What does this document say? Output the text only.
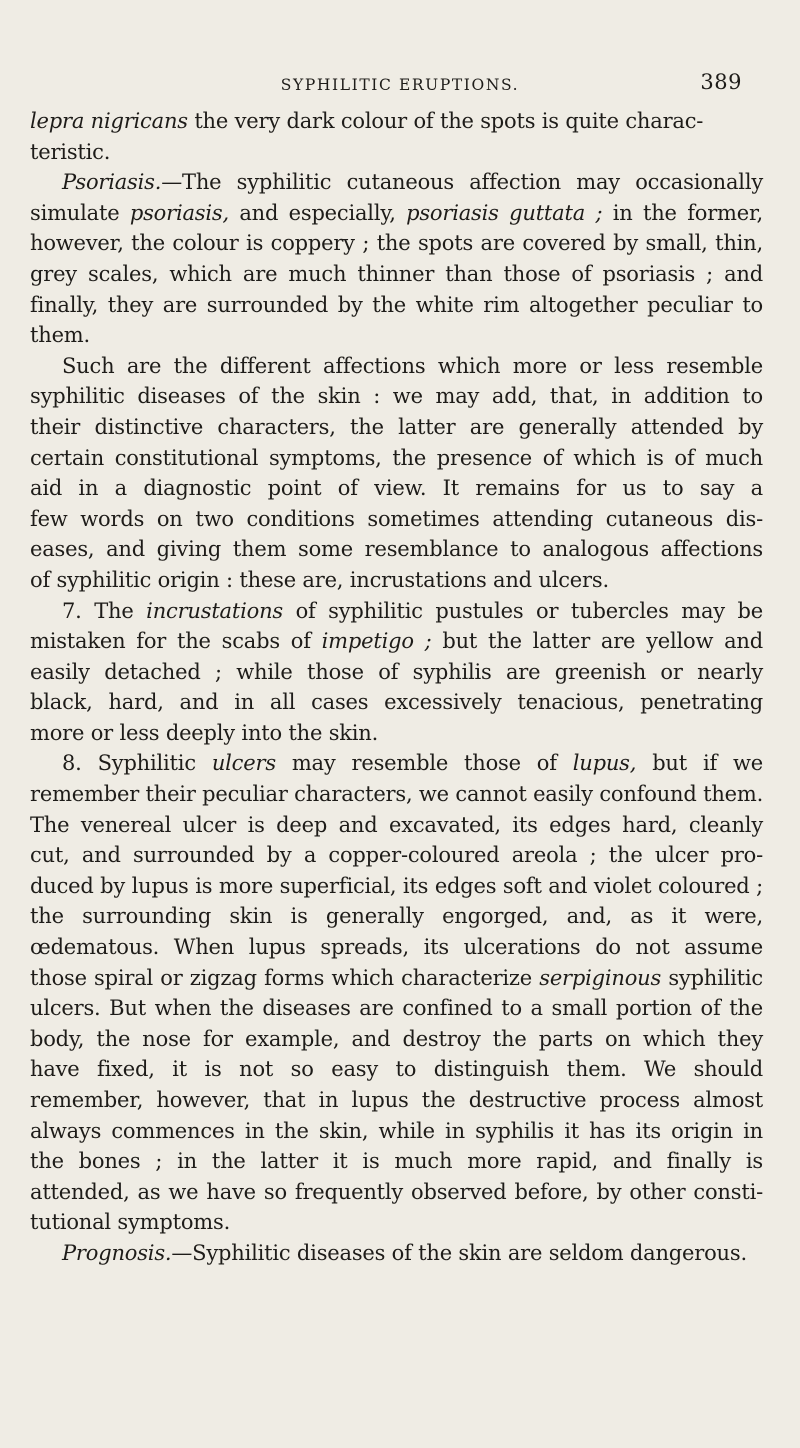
SYPHILITIC ERUPTIONS.	389
lepra nigricans the very dark colour of the spots is quite charac-
teristic.
Psoriasis.—The syphilitic cutaneous affection may occasionally
simulate psoriasis, and especially, psoriasis guttata ; in the former,
however, the colour is coppery ; the spots are covered by small, thin,
grey scales, which are much thinner than those of psoriasis ; and
finally, they are surrounded by the white rim altogether peculiar to
them.
Such are the different affections which more or less resemble
syphilitic diseases of the skin : we may add, that, in addition to
their distinctive characters, the latter are generally attended by
certain constitutional symptoms, the presence of which is of much
aid in a diagnostic point of view. It remains for us to say a
few words on two conditions sometimes attending cutaneous dis-
eases, and giving them some resemblance to analogous affections
of syphilitic origin : these are, incrustations and ulcers.
7. The incrustations of syphilitic pustules or tubercles may be
mistaken for the scabs of impetigo ; but the latter are yellow and
easily detached ; while those of syphilis are greenish or nearly
black, hard, and in all cases excessively tenacious, penetrating
more or less deeply into the skin.
8. Syphilitic ulcers may resemble those of lupus, but if we
remember their peculiar characters, we cannot easily confound them.
The venereal ulcer is deep and excavated, its edges hard, cleanly
cut, and surrounded by a copper-coloured areola ; the ulcer pro-
duced by lupus is more superficial, its edges soft and violet coloured ;
the surrounding skin is generally engorged, and, as it were,
œdematous. When lupus spreads, its ulcerations do not assume
those spiral or zigzag forms which characterize serpiginous syphilitic
ulcers. But when the diseases are confined to a small portion of the
body, the nose for example, and destroy the parts on which they
have fixed, it is not so easy to distinguish them. We should
remember, however, that in lupus the destructive process almost
always commences in the skin, while in syphilis it has its origin in
the bones ; in the latter it is much more rapid, and finally is
attended, as we have so frequently observed before, by other consti-
tutional symptoms.
Prognosis.—Syphilitic diseases of the skin are seldom dangerous.
